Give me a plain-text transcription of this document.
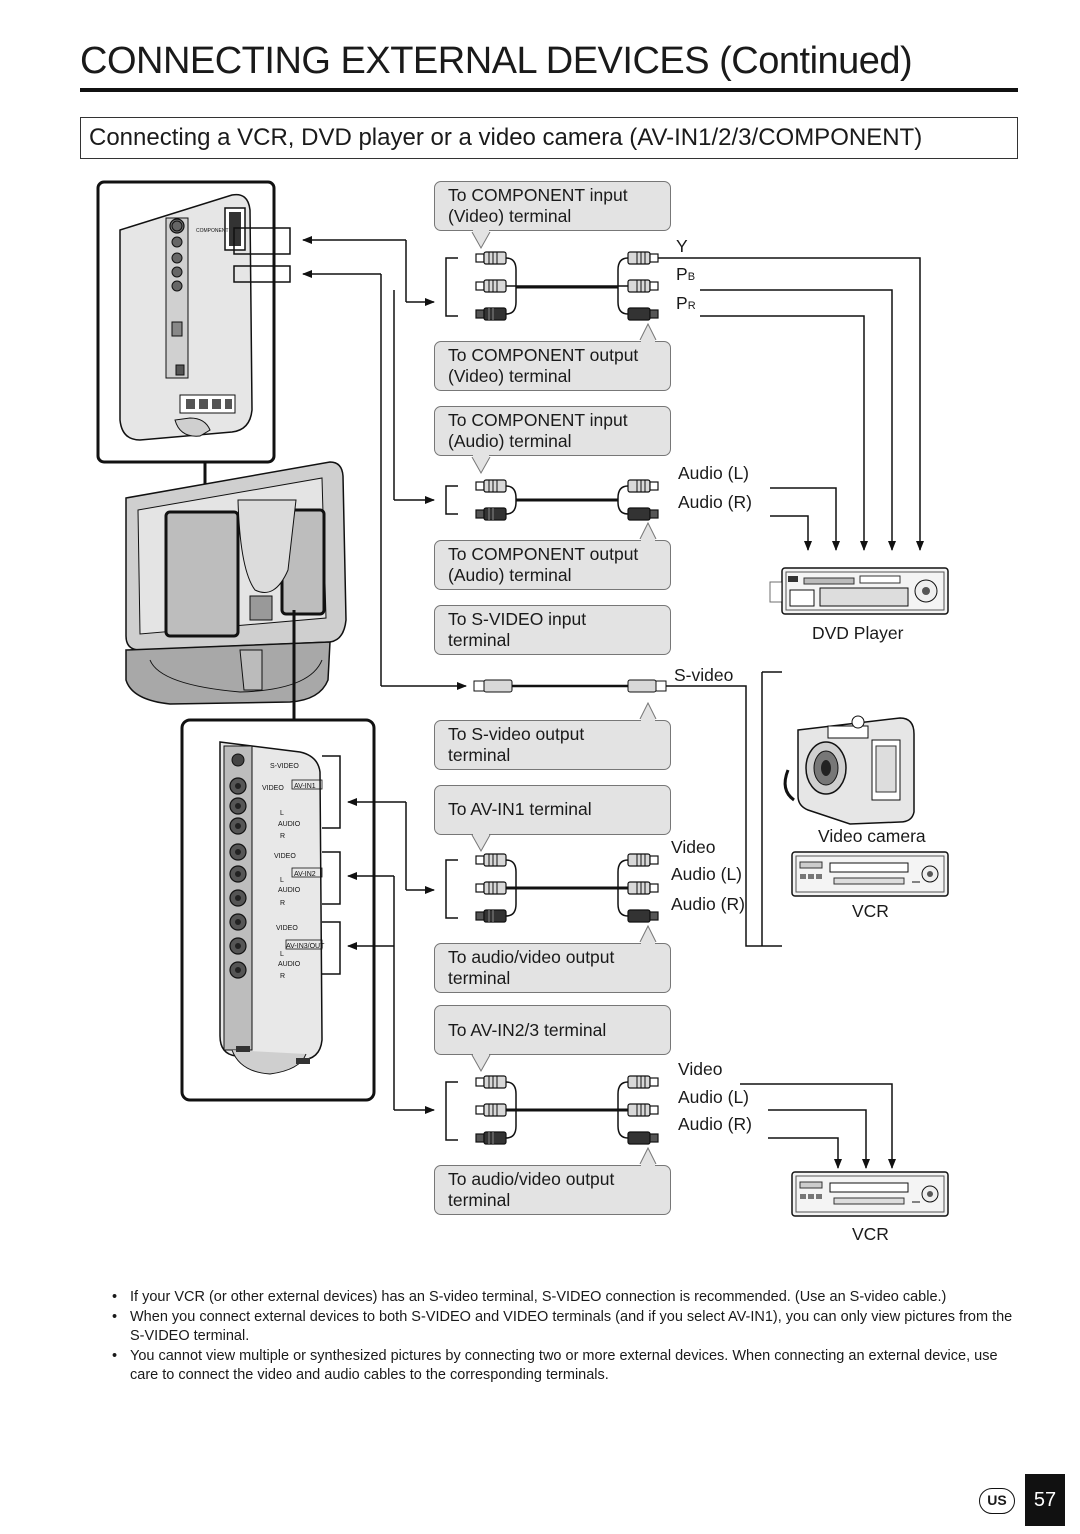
CONNECTING EXTERNAL DEVICES (Continued)
Connecting a VCR, DVD player or a video camera (AV-IN1/2/3/COMPONENT)
COMPONENT
S-VIDEO
VIDEO
AUDIO
L
R
AV-IN1
VIDEO
AUDIO
L
R
AV-IN2
VIDEO
AUDIO
L
R
AV-IN3/OUT
To COMPONENT input
(Video) terminal
To COMPONENT output
(Video) terminal
To COMPONENT input
(Audio) terminal
To COMPONENT output
(Audio) terminal
To S-VIDEO input
terminal
To S-video output
terminal
To AV-IN1 terminal
To audio/video output
terminal
To AV-IN2/3 terminal
To audio/video output
terminal
Y
PB
PR
Audio (L)
Audio (R)
S-video
Video
Audio (L)
Audio (R)
Video
Audio (L)
Audio (R)
DVD Player
Video camera
VCR
VCR
• If your VCR (or other external devices) has an S-video terminal, S-VIDEO connection is recommended. (Use an S-video cable.)
• When you connect external devices to both S-VIDEO and VIDEO terminals (and if you select AV-IN1), you can only view pictures from the S-VIDEO terminal.
• You cannot view multiple or synthesized pictures by connecting two or more external devices. When connecting an external device, use care to connect the video and audio cables to the corresponding terminals.
US	57
